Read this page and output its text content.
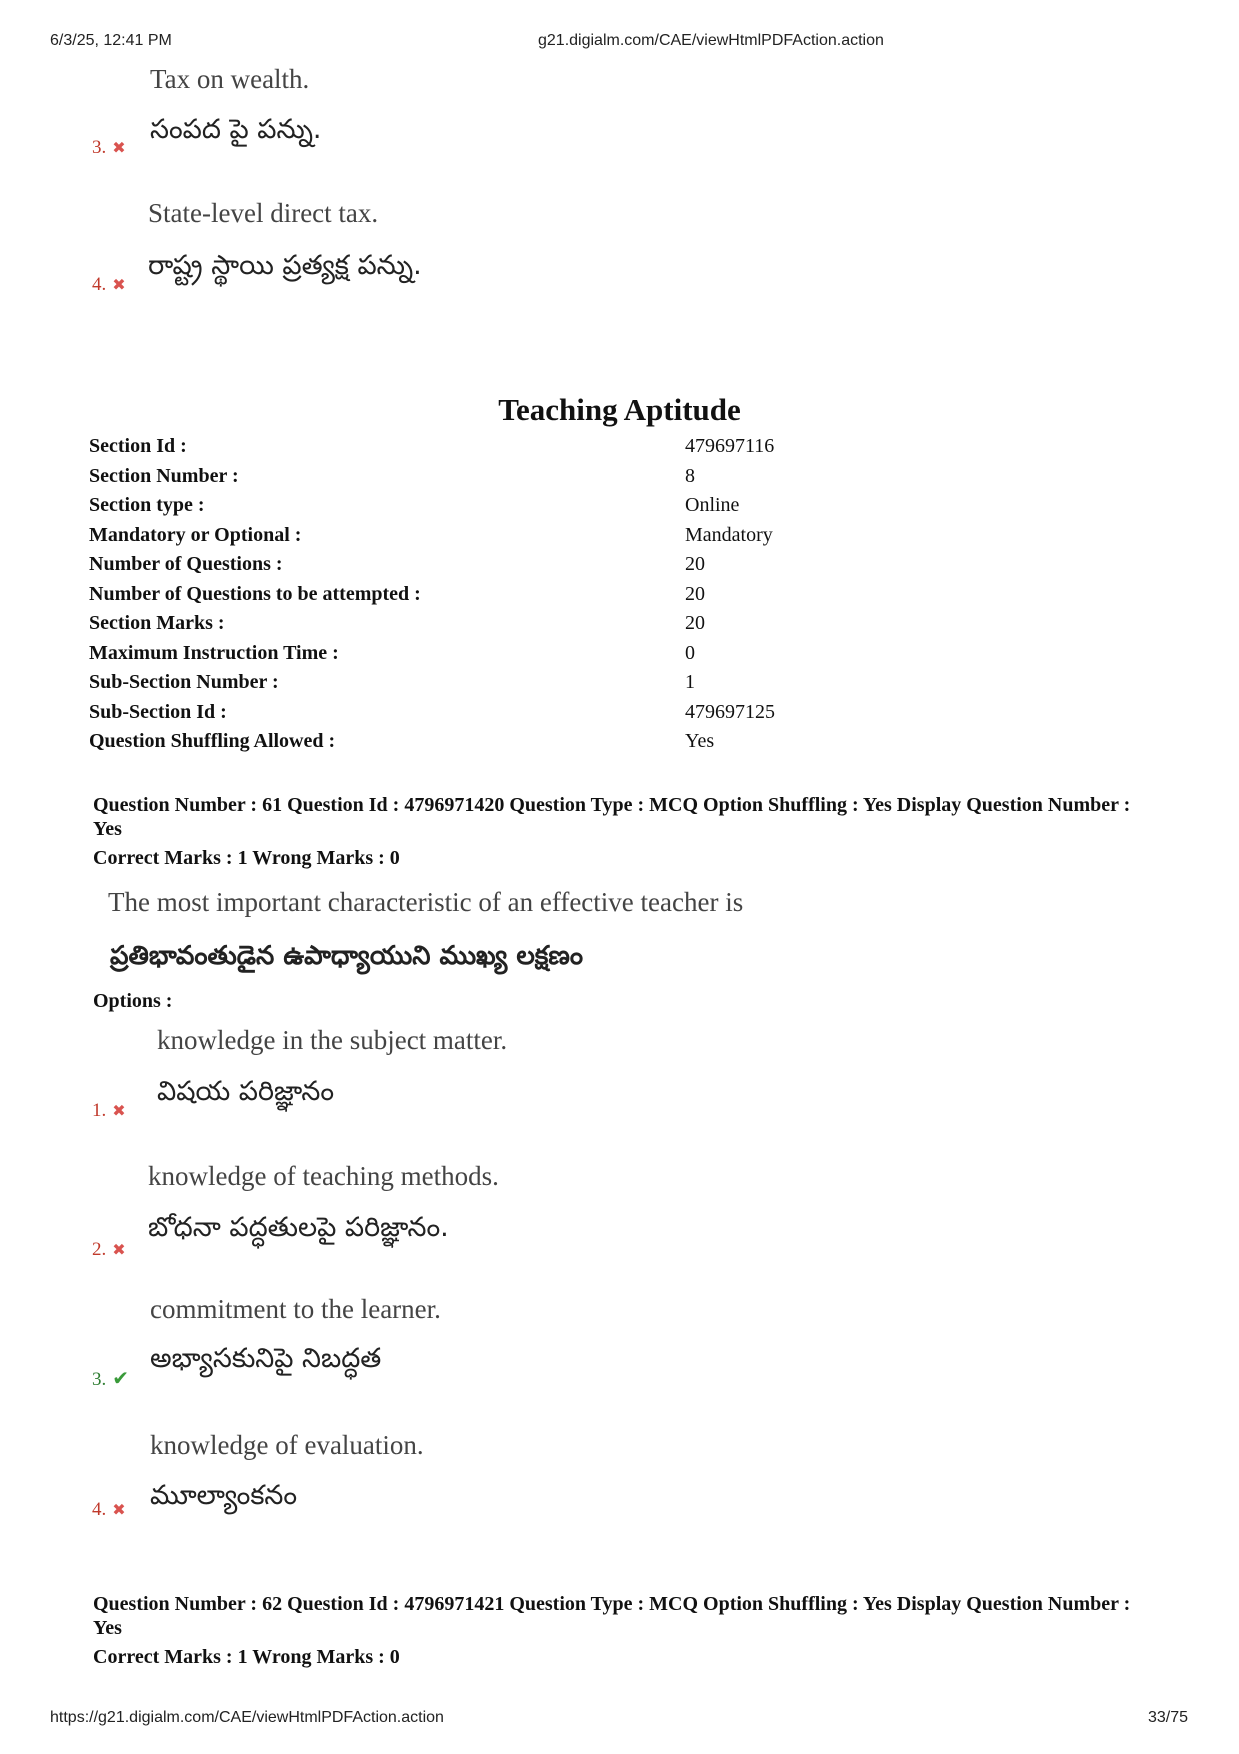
6/3/25, 12:41 PM	g21.digialm.com/CAE/viewHtmlPDFAction.action
Tax on wealth.
3. ✖
సంపద పై పన్ను.
State-level direct tax.
4. ✖
రాష్ట్ర స్థాయి ప్రత్యక్ష పన్ను.
Teaching Aptitude
Section Id :	479697116
Section Number :	8
Section type :	Online
Mandatory or Optional :	Mandatory
Number of Questions :	20
Number of Questions to be attempted :	20
Section Marks :	20
Maximum Instruction Time :	0
Sub-Section Number :	1
Sub-Section Id :	479697125
Question Shuffling Allowed :	Yes
Question Number : 61 Question Id : 4796971420 Question Type : MCQ Option Shuffling : Yes Display Question Number : Yes
Correct Marks : 1 Wrong Marks : 0
The most important characteristic of an effective teacher is
ప్రతిభావంతుడైన ఉపాధ్యాయుని ముఖ్య లక్షణం
Options :
knowledge in the subject matter.
విషయ పరిజ్ఞానం
1. ✖
knowledge of teaching methods.
బోధనా పద్ధతులపై పరిజ్ఞానం.
2. ✖
commitment to the learner.
అభ్యాసకునిపై నిబద్ధత
3. ✔
knowledge of evaluation.
మూల్యాంకనం
4. ✖
Question Number : 62 Question Id : 4796971421 Question Type : MCQ Option Shuffling : Yes Display Question Number : Yes
Correct Marks : 1 Wrong Marks : 0
https://g21.digialm.com/CAE/viewHtmlPDFAction.action	33/75
